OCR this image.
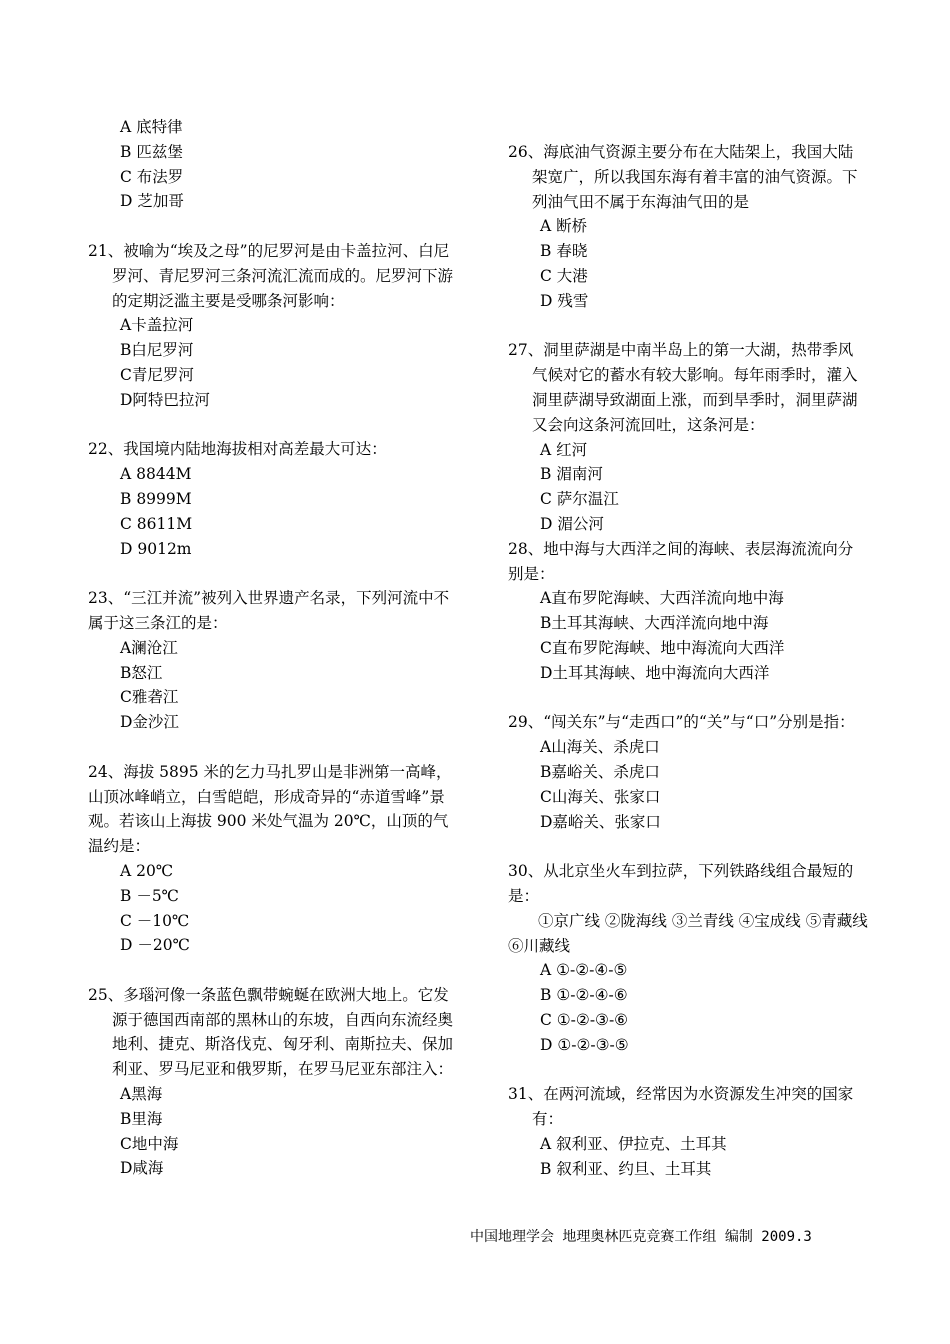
A 底特律

B 匹兹堡

C 布法罗

D 芝加哥

21、被喻为“埃及之母”的尼罗河是由卡盖拉河、白尼罗河、青尼罗河三条河流汇流而成的。尼罗河下游的定期泛滥主要是受哪条河影响：

A卡盖拉河

B白尼罗河

C青尼罗河

D阿特巴拉河

22、我国境内陆地海拔相对高差最大可达：

A 8844M

B 8999M

C 8611M

D 9012m

23、“三江并流”被列入世界遗产名录，下列河流中不属于这三条江的是：

A澜沧江

B怒江

C雅砻江

D金沙江

24、海拔 5895 米的乞力马扎罗山是非洲第一高峰，山顶冰峰峭立，白雪皑皑，形成奇异的“赤道雪峰”景观。若该山上海拔 900 米处气温为 20℃，山顶的气温约是：

A 20℃

B －5℃

C －10℃

D －20℃

25、多瑙河像一条蓝色飘带蜿蜒在欧洲大地上。它发源于德国西南部的黑林山的东坡，自西向东流经奥地利、捷克、斯洛伐克、匈牙利、南斯拉夫、保加利亚、罗马尼亚和俄罗斯，在罗马尼亚东部注入：

A黑海

B里海

C地中海

D咸海

26、海底油气资源主要分布在大陆架上，我国大陆架宽广，所以我国东海有着丰富的油气资源。下列油气田不属于东海油气田的是

A 断桥

B 春晓

C 大港

D 残雪

27、洞里萨湖是中南半岛上的第一大湖，热带季风气候对它的蓄水有较大影响。每年雨季时，灌入洞里萨湖导致湖面上涨，而到旱季时，洞里萨湖又会向这条河流回吐，这条河是：

A 红河

B 湄南河

C 萨尔温江

D 湄公河

28、地中海与大西洋之间的海峡、表层海流流向分别是：

A直布罗陀海峡、大西洋流向地中海

B土耳其海峡、大西洋流向地中海

C直布罗陀海峡、地中海流向大西洋

D土耳其海峡、地中海流向大西洋

29、“闯关东”与“走西口”的“关”与“口”分别是指：

A山海关、杀虎口

B嘉峪关、杀虎口

C山海关、张家口

D嘉峪关、张家口

30、从北京坐火车到拉萨，下列铁路线组合最短的是：

①京广线 ②陇海线 ③兰青线 ④宝成线 ⑤青藏线 ⑥川藏线

A ①-②-④-⑤

B ①-②-④-⑥

C ①-②-③-⑥

D ①-②-③-⑤

31、在两河流域，经常因为水资源发生冲突的国家有：

A 叙利亚、伊拉克、土耳其

B 叙利亚、约旦、土耳其

中国地理学会 地理奥林匹克竞赛工作组 编制 2009.3
